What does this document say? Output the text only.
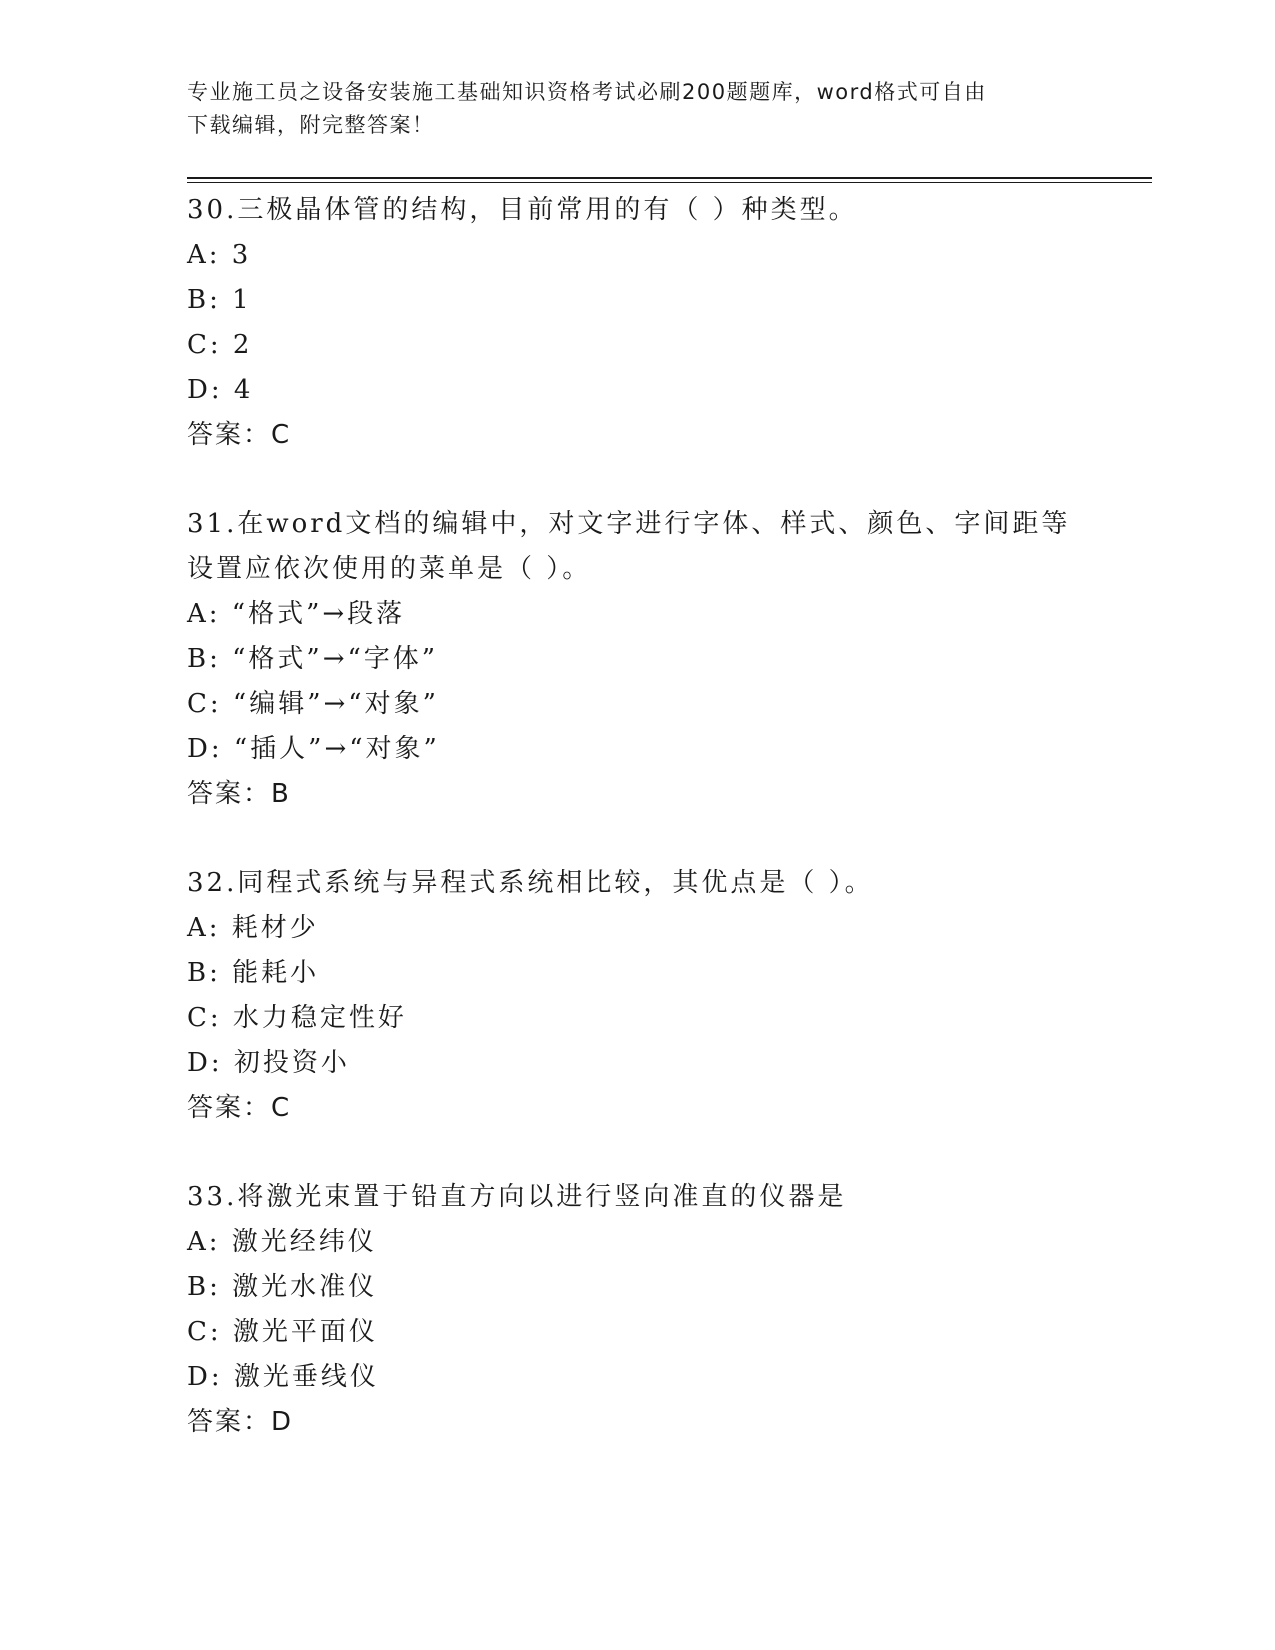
专业施工员之设备安装施工基础知识资格考试必刷200题题库，word格式可自由
下载编辑，附完整答案！

30.三极晶体管的结构，目前常用的有（ ）种类型。

A: 3

B: 1

C: 2

D: 4

答案：C

31.在word文档的编辑中，对文字进行字体、样式、颜色、字间距等

设置应依次使用的菜单是（ ）。

A: “格式”→段落

B: “格式”→“字体”

C: “编辑”→“对象”

D: “插人”→“对象”

答案：B

32.同程式系统与异程式系统相比较，其优点是（ ）。

A: 耗材少

B: 能耗小

C: 水力稳定性好

D: 初投资小

答案：C

33.将激光束置于铅直方向以进行竖向准直的仪器是

A: 激光经纬仪

B: 激光水准仪

C: 激光平面仪

D: 激光垂线仪

答案：D
